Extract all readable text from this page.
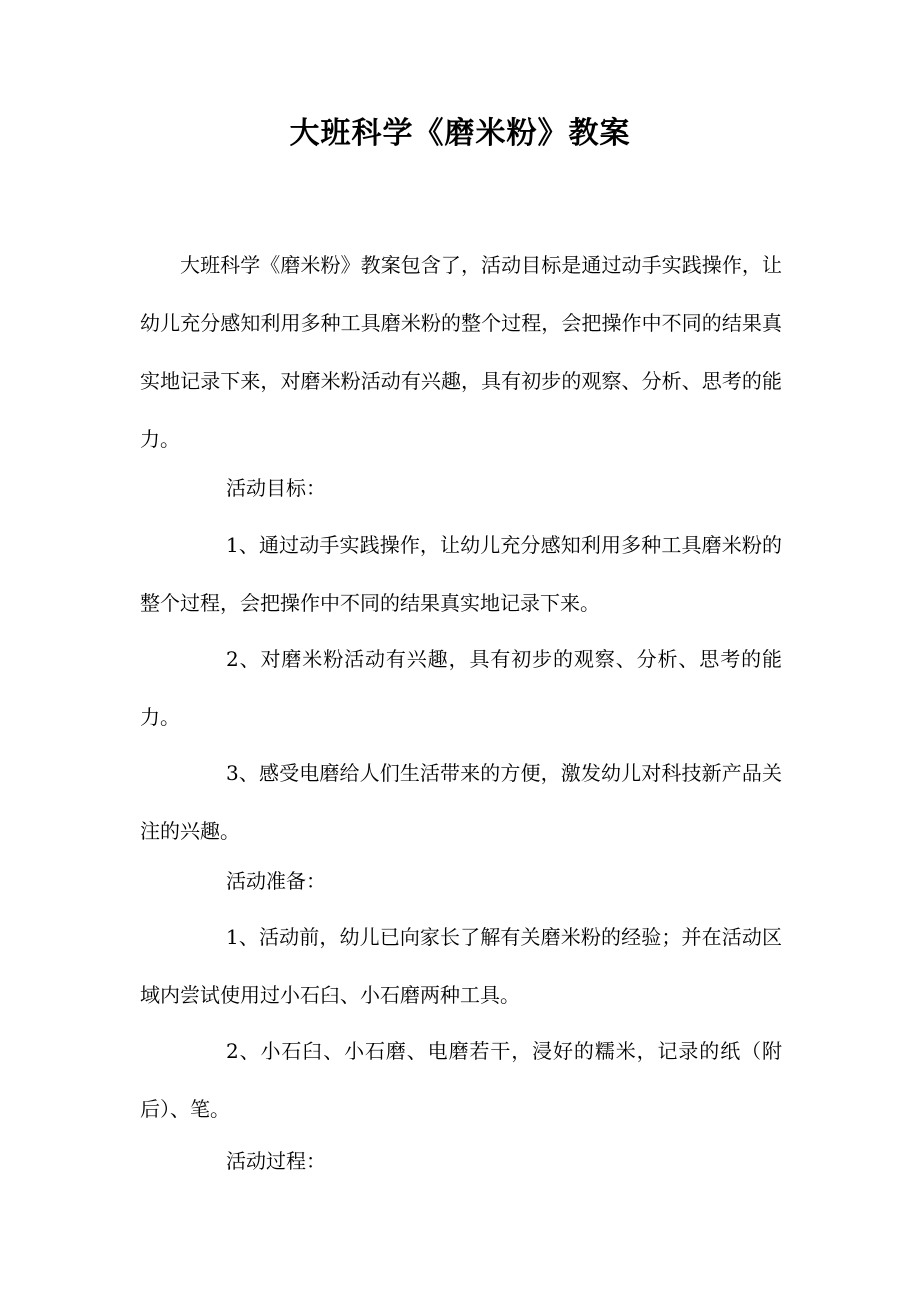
大班科学《磨米粉》教案
大班科学《磨米粉》教案包含了，活动目标是通过动手实践操作，让幼儿充分感知利用多种工具磨米粉的整个过程，会把操作中不同的结果真实地记录下来，对磨米粉活动有兴趣，具有初步的观察、分析、思考的能力。
活动目标：
1、通过动手实践操作，让幼儿充分感知利用多种工具磨米粉的整个过程，会把操作中不同的结果真实地记录下来。
2、对磨米粉活动有兴趣，具有初步的观察、分析、思考的能力。
3、感受电磨给人们生活带来的方便，激发幼儿对科技新产品关注的兴趣。
活动准备：
1、活动前，幼儿已向家长了解有关磨米粉的经验；并在活动区域内尝试使用过小石臼、小石磨两种工具。
2、小石臼、小石磨、电磨若干，浸好的糯米，记录的纸（附后）、笔。
活动过程：
